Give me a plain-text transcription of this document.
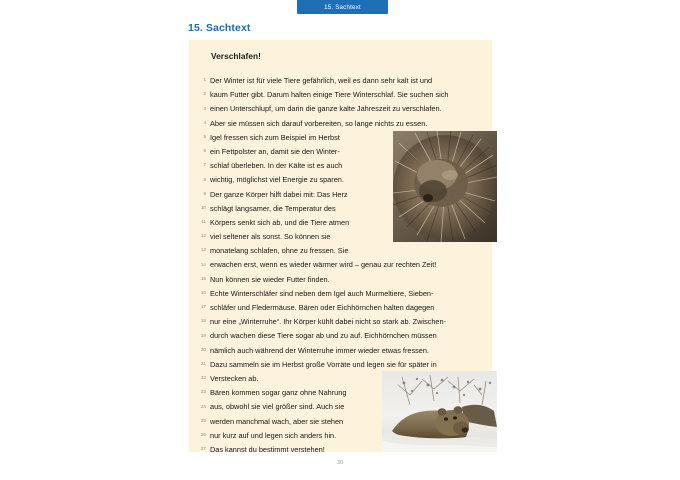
15. Sachtext
15. Sachtext
Verschlafen!
1 Der Winter ist für viele Tiere gefährlich, weil es dann sehr kalt ist und
2 kaum Futter gibt. Darum halten einige Tiere Winterschlaf. Sie suchen sich
3 einen Unterschlupf, um darin die ganze kalte Jahreszeit zu verschlafen.
4 Aber sie müssen sich darauf vorbereiten, so lange nichts zu essen.
5 Igel fressen sich zum Beispiel im Herbst
6 ein Fettpolster an, damit sie den Winter-
7 schlaf überleben. In der Kälte ist es auch
8 wichtig, möglichst viel Energie zu sparen.
9 Der ganze Körper hilft dabei mit: Das Herz
10 schlägt langsamer, die Temperatur des
11 Körpers senkt sich ab, und die Tiere atmen
12 viel seltener als sonst. So können sie
13 monatelang schlafen, ohne zu fressen. Sie
14 erwachen erst, wenn es wieder wärmer wird – genau zur rechten Zeit!
15 Nun können sie wieder Futter finden.
16 Echte Winterschläfer sind neben dem Igel auch Murmeltiere, Sieben-
17 schläfer und Fledermäuse. Bären oder Eichhörnchen halten dagegen
18 nur eine „Winterruhe“. Ihr Körper kühlt dabei nicht so stark ab. Zwischen-
19 durch wachen diese Tiere sogar ab und zu auf. Eichhörnchen müssen
20 nämlich auch während der Winterruhe immer wieder etwas fressen.
21 Dazu sammeln sie im Herbst große Vorräte und legen sie für später in
22 Verstecken ab.
23 Bären kommen sogar ganz ohne Nahrung
24 aus, obwohl sie viel größer sind. Auch sie
25 werden manchmal wach, aber sie stehen
26 nur kurz auf und legen sich anders hin.
27 Das kannst du bestimmt verstehen!
30
